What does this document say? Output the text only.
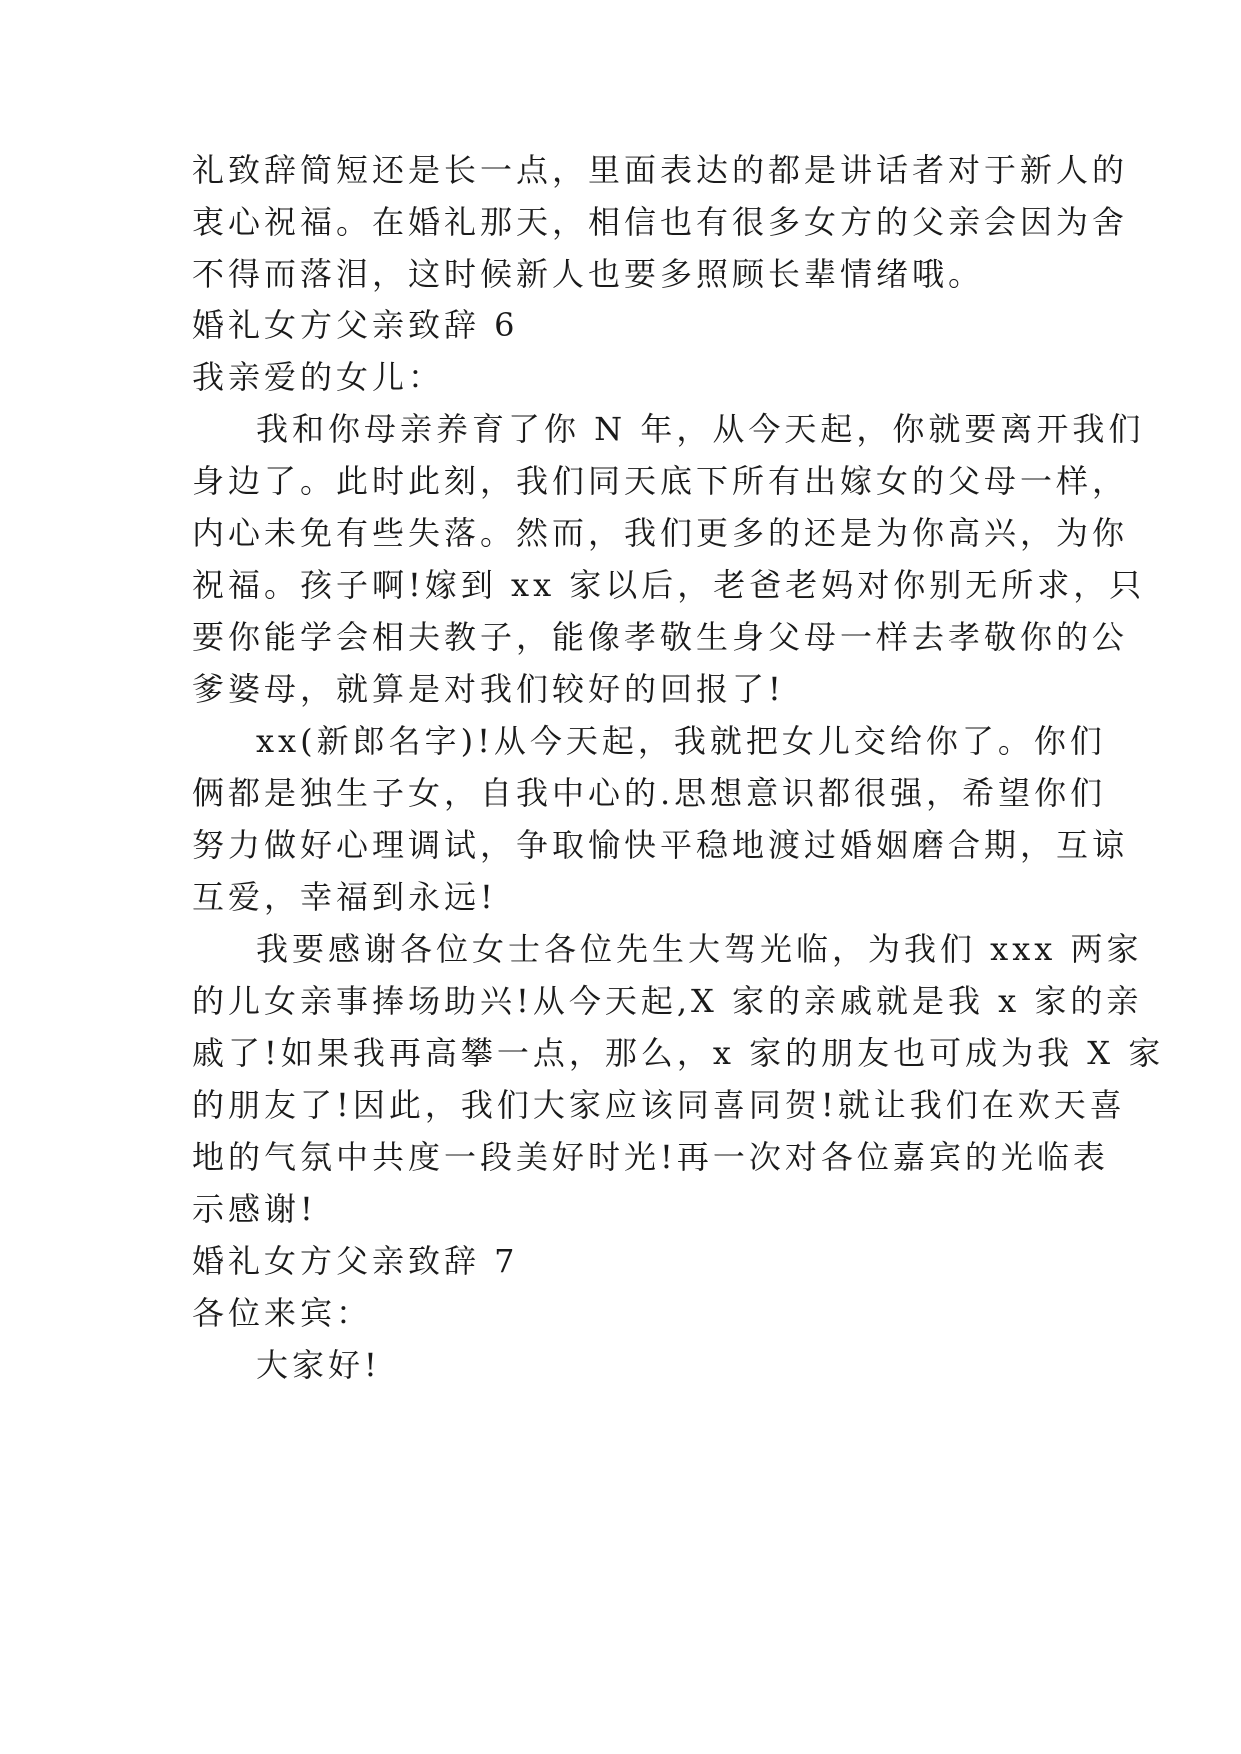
礼致辞简短还是长一点，里面表达的都是讲话者对于新人的
衷心祝福。在婚礼那天，相信也有很多女方的父亲会因为舍
不得而落泪，这时候新人也要多照顾长辈情绪哦。
婚礼女方父亲致辞 6
我亲爱的女儿：
我和你母亲养育了你 N 年，从今天起，你就要离开我们
身边了。此时此刻，我们同天底下所有出嫁女的父母一样，
内心未免有些失落。然而，我们更多的还是为你高兴，为你
祝福。孩子啊!嫁到 xx 家以后，老爸老妈对你别无所求，只
要你能学会相夫教子，能像孝敬生身父母一样去孝敬你的公
爹婆母，就算是对我们较好的回报了!
xx(新郎名字)!从今天起，我就把女儿交给你了。你们
俩都是独生子女，自我中心的.思想意识都很强，希望你们
努力做好心理调试，争取愉快平稳地渡过婚姻磨合期，互谅
互爱，幸福到永远!
我要感谢各位女士各位先生大驾光临，为我们 xxx 两家
的儿女亲事捧场助兴!从今天起,X 家的亲戚就是我 x 家的亲
戚了!如果我再高攀一点，那么，x 家的朋友也可成为我 X 家
的朋友了!因此，我们大家应该同喜同贺!就让我们在欢天喜
地的气氛中共度一段美好时光!再一次对各位嘉宾的光临表
示感谢!
婚礼女方父亲致辞 7
各位来宾：
大家好!
